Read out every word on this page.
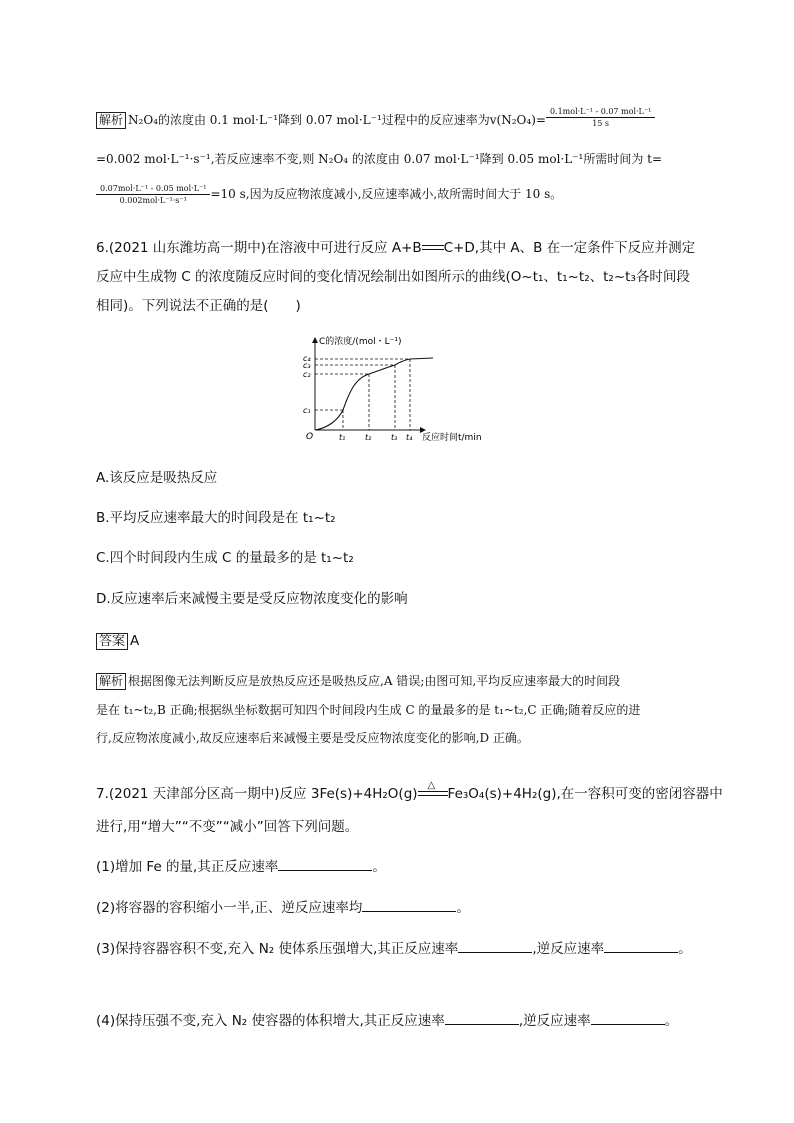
解析 N₂O₄的浓度由 0.1 mol·L⁻¹降到 0.07 mol·L⁻¹过程中的反应速率为$v(N_2O_4)= \frac{\text{0.1mol·L⁻¹ - 0.07 mol·L⁻¹}}{15 s}$
=0.002 mol·L⁻¹·s⁻¹,若反应速率不变,则 N₂O₄ 的浓度由 0.07 mol·L⁻¹降到 0.05 mol·L⁻¹所需时间为 t=
$\frac{\text{0.07mol·L⁻¹ - 0.05 mol·L⁻¹}}{\text{0.002mol·L⁻¹·s⁻¹}} =10$ s,因为反应物浓度减小,反应速率减小,故所需时间大于 10 s。
6.(2021 山东潍坊高一期中)在溶液中可进行反应 A+B C+D,其中 A、B 在一定条件下反应并测定
反应中生成物 C 的浓度随反应时间的变化情况绘制出如图所示的曲线(O~t₁、t₁~t₂、t₂~t₃各时间段
相同)。下列说法不正确的是(　　)
C的浓度/(mol・L⁻¹)
反应时间t/min
O
c₄
c₃
c₂
c₁
t₁ t₂ t₃ t₄
A.该反应是吸热反应
B.平均反应速率最大的时间段是在 t₁~t₂
C.四个时间段内生成 C 的量最多的是 t₁~t₂
D.反应速率后来减慢主要是受反应物浓度变化的影响
答案 A
解析 根据图像无法判断反应是放热反应还是吸热反应,A 错误;由图可知,平均反应速率最大的时间段
是在 t₁~t₂,B 正确;根据纵坐标数据可知四个时间段内生成 C 的量最多的是 t₁~t₂,C 正确;随着反应的进
行,反应物浓度减小,故反应速率后来减慢主要是受反应物浓度变化的影响,D 正确。
7.(2021 天津部分区高一期中)反应 3Fe(s)+4H₂O(g)
△
Fe₃O₄(s)+4H₂(g),在一容积可变的密闭容器中
进行,用“增大”“不变”“减小”回答下列问题。
(1)增加 Fe 的量,其正反应速率	。
(2)将容器的容积缩小一半,正、逆反应速率均	。
(3)保持容器容积不变,充入 N₂ 使体系压强增大,其正反应速率	,逆反应速率	。
(4)保持压强不变,充入 N₂ 使容器的体积增大,其正反应速率	,逆反应速率	。
